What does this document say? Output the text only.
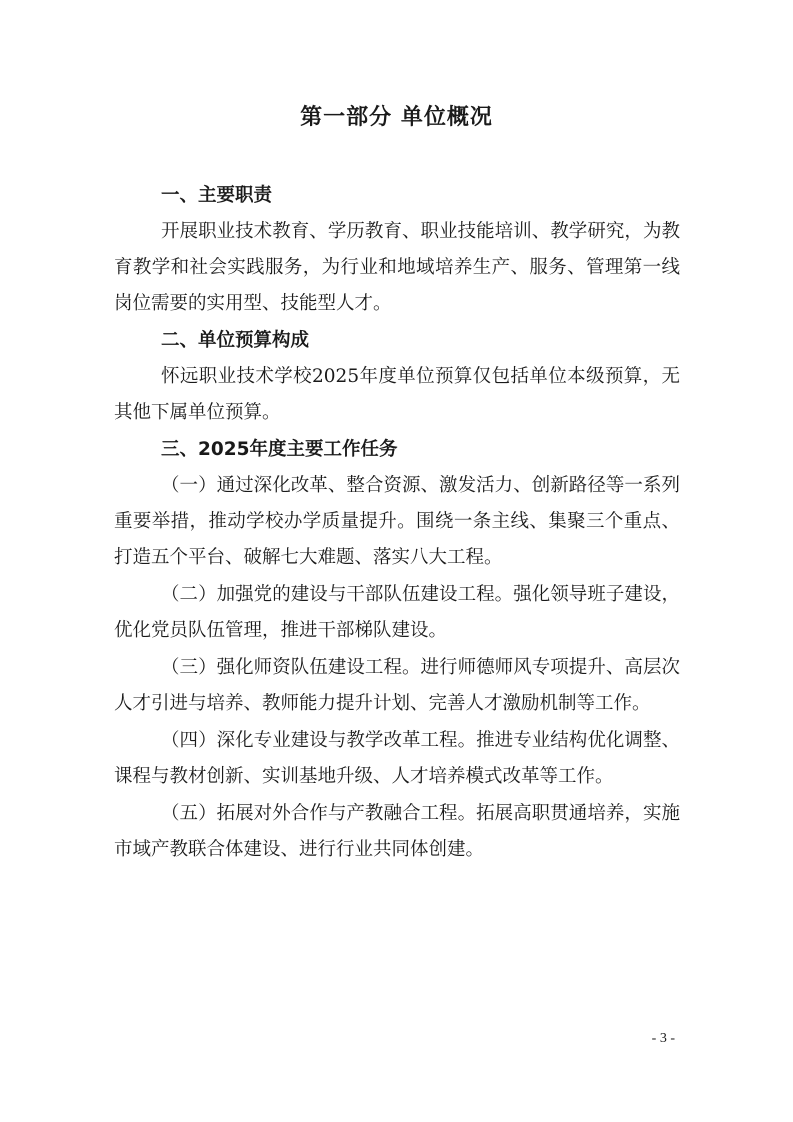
第一部分 单位概况
一、主要职责

开展职业技术教育、学历教育、职业技能培训、教学研究，为教育教学和社会实践服务，为行业和地域培养生产、服务、管理第一线岗位需要的实用型、技能型人才。

二、单位预算构成

怀远职业技术学校2025年度单位预算仅包括单位本级预算，无其他下属单位预算。

三、2025年度主要工作任务

（一）通过深化改革、整合资源、激发活力、创新路径等一系列重要举措，推动学校办学质量提升。围绕一条主线、集聚三个重点、打造五个平台、破解七大难题、落实八大工程。

（二）加强党的建设与干部队伍建设工程。强化领导班子建设，优化党员队伍管理，推进干部梯队建设。

（三）强化师资队伍建设工程。进行师德师风专项提升、高层次人才引进与培养、教师能力提升计划、完善人才激励机制等工作。

（四）深化专业建设与教学改革工程。推进专业结构优化调整、课程与教材创新、实训基地升级、人才培养模式改革等工作。

（五）拓展对外合作与产教融合工程。拓展高职贯通培养，实施市域产教联合体建设、进行行业共同体创建。

- 3 -
